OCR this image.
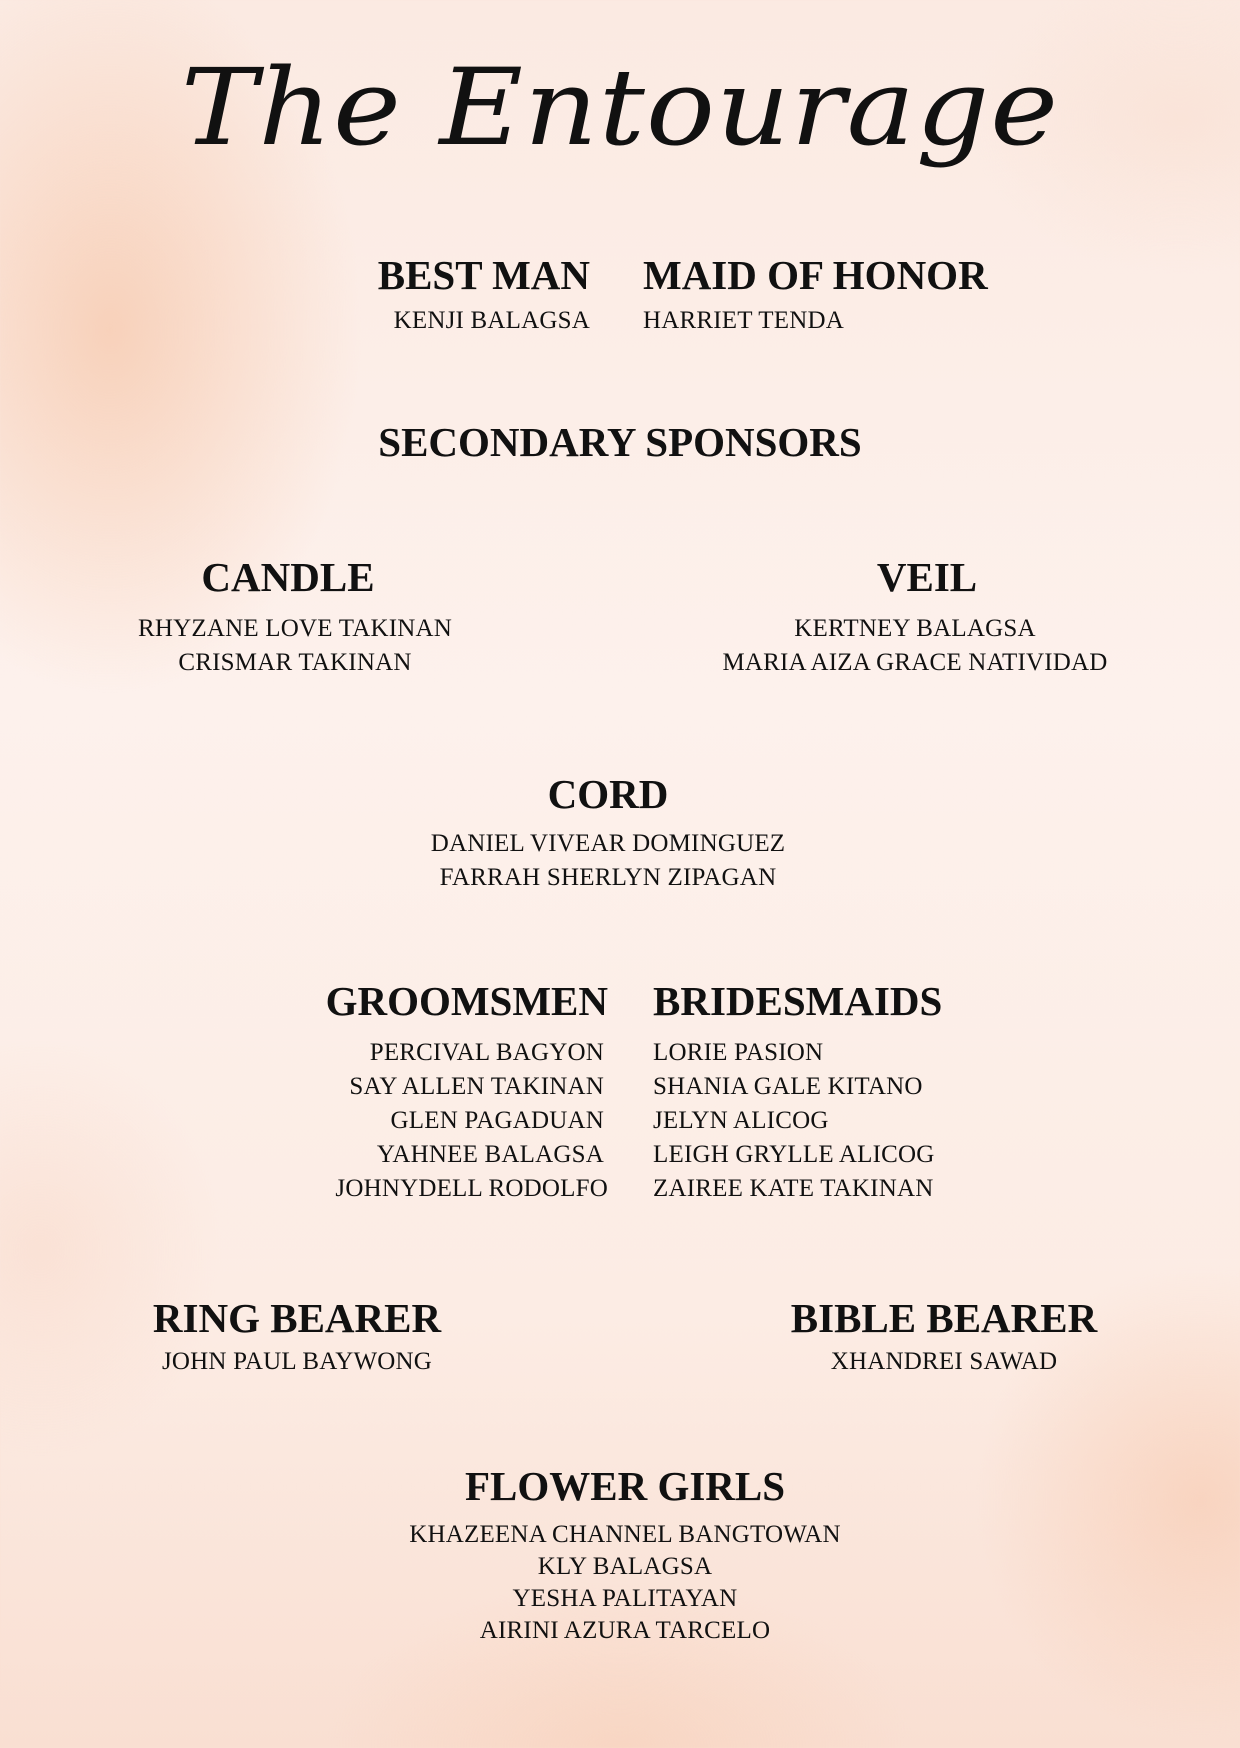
The Entourage
BEST MAN
KENJI BALAGSA
MAID OF HONOR
HARRIET TENDA
SECONDARY SPONSORS
CANDLE
RHYZANE LOVE TAKINAN
CRISMAR TAKINAN
VEIL
KERTNEY BALAGSA
MARIA AIZA GRACE NATIVIDAD
CORD
DANIEL VIVEAR DOMINGUEZ
FARRAH SHERLYN ZIPAGAN
GROOMSMEN
PERCIVAL BAGYON
SAY ALLEN TAKINAN
GLEN PAGADUAN
YAHNEE BALAGSA
JOHNYDELL RODOLFO
BRIDESMAIDS
LORIE PASION
SHANIA GALE KITANO
JELYN ALICOG
LEIGH GRYLLE ALICOG
ZAIREE KATE TAKINAN
RING BEARER
JOHN PAUL BAYWONG
BIBLE BEARER
XHANDREI SAWAD
FLOWER GIRLS
KHAZEENA CHANNEL BANGTOWAN
KLY BALAGSA
YESHA PALITAYAN
AIRINI AZURA TARCELO
